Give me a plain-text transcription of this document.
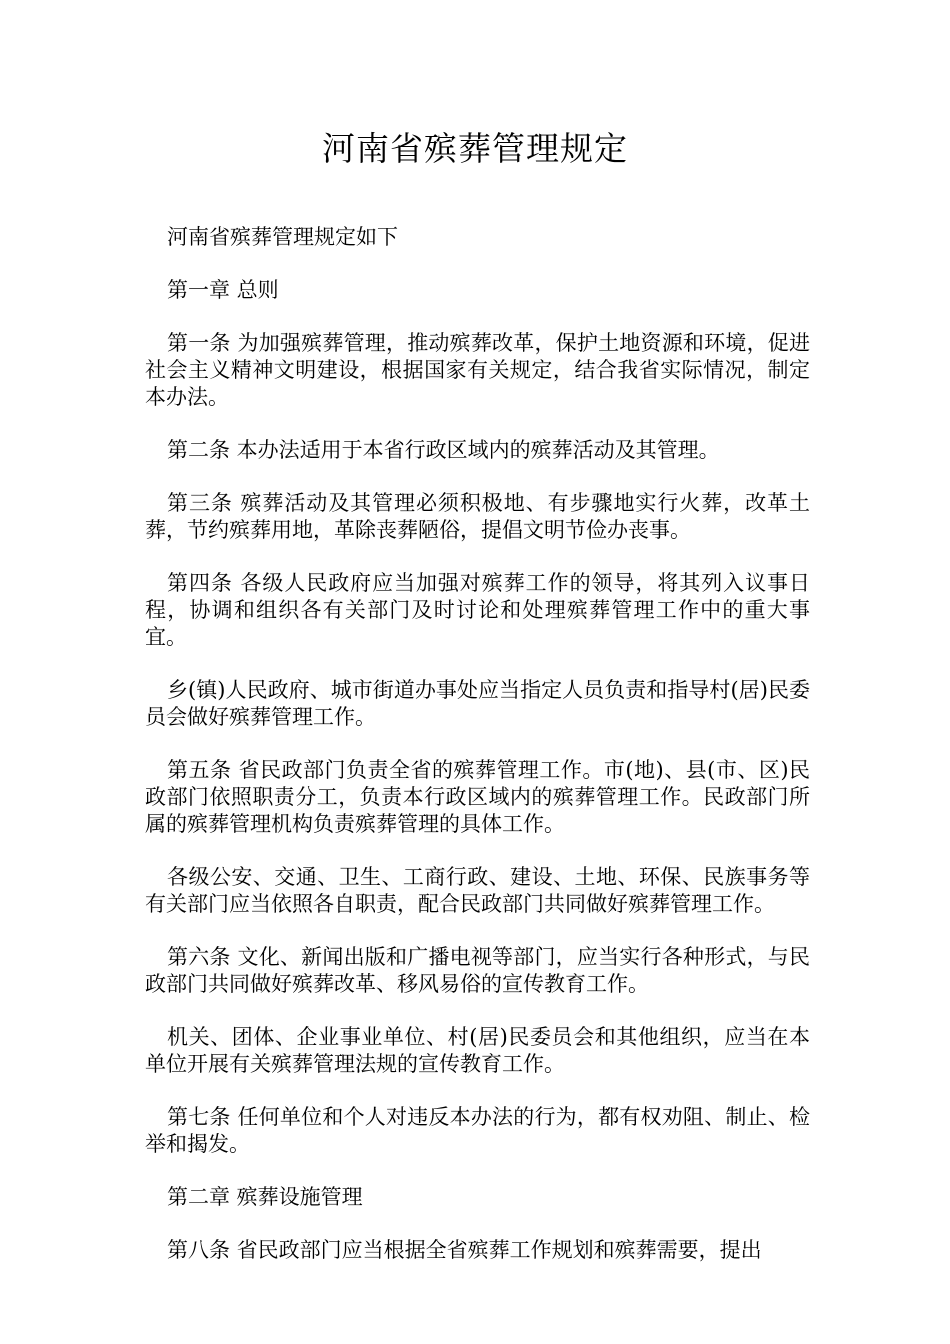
河南省殡葬管理规定

河南省殡葬管理规定如下

第一章 总则

第一条 为加强殡葬管理，推动殡葬改革，保护土地资源和环境，促进社会主义精神文明建设，根据国家有关规定，结合我省实际情况，制定本办法。

第二条 本办法适用于本省行政区域内的殡葬活动及其管理。

第三条 殡葬活动及其管理必须积极地、有步骤地实行火葬，改革土葬，节约殡葬用地，革除丧葬陋俗，提倡文明节俭办丧事。

第四条 各级人民政府应当加强对殡葬工作的领导，将其列入议事日程，协调和组织各有关部门及时讨论和处理殡葬管理工作中的重大事宜。

乡(镇)人民政府、城市街道办事处应当指定人员负责和指导村(居)民委员会做好殡葬管理工作。

第五条 省民政部门负责全省的殡葬管理工作。市(地)、县(市、区)民政部门依照职责分工，负责本行政区域内的殡葬管理工作。民政部门所属的殡葬管理机构负责殡葬管理的具体工作。

各级公安、交通、卫生、工商行政、建设、土地、环保、民族事务等有关部门应当依照各自职责，配合民政部门共同做好殡葬管理工作。

第六条 文化、新闻出版和广播电视等部门，应当实行各种形式，与民政部门共同做好殡葬改革、移风易俗的宣传教育工作。

机关、团体、企业事业单位、村(居)民委员会和其他组织，应当在本单位开展有关殡葬管理法规的宣传教育工作。

第七条 任何单位和个人对违反本办法的行为，都有权劝阻、制止、检举和揭发。

第二章 殡葬设施管理

第八条 省民政部门应当根据全省殡葬工作规划和殡葬需要，提出
